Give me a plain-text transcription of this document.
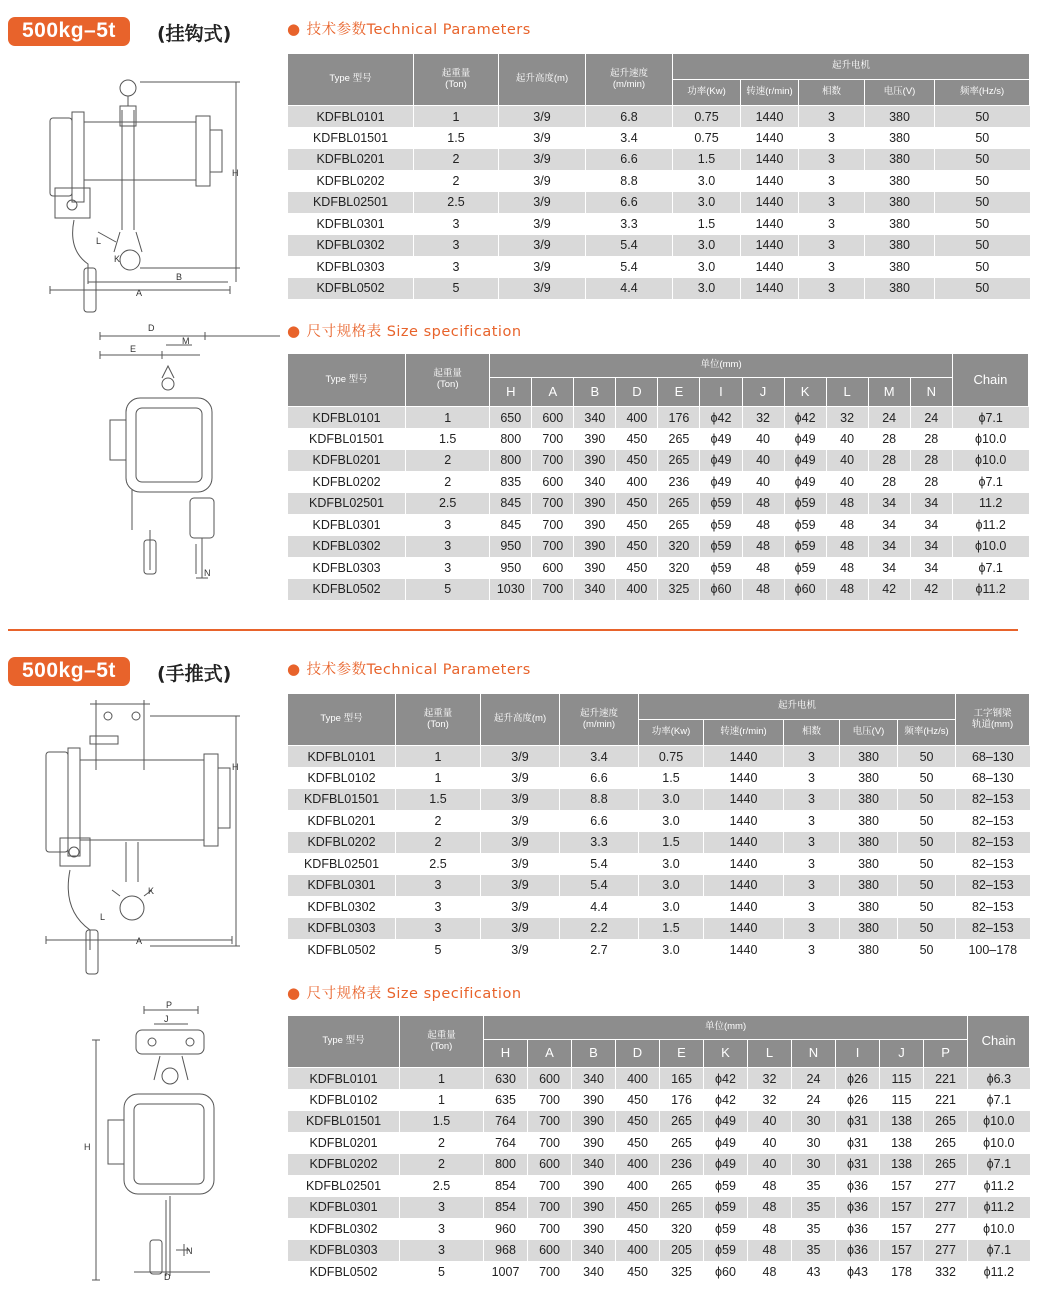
500kg–5t	(挂钩式)	● 技术参数Technical Parameters
Type 型号	起重量
(Ton)	起升高度(m)	起升速度
(m/min)	起升电机				
				功率(Kw)	转速(r/min)	相数	电压(V)	频率(Hz/s)
KDFBL0101	1	3/9	6.8	0.75	1440	3	380	50
KDFBL01501	1.5	3/9	3.4	0.75	1440	3	380	50
KDFBL0201	2	3/9	6.6	1.5	1440	3	380	50
KDFBL0202	2	3/9	8.8	3.0	1440	3	380	50
KDFBL02501	2.5	3/9	6.6	3.0	1440	3	380	50
KDFBL0301	3	3/9	3.3	1.5	1440	3	380	50
KDFBL0302	3	3/9	5.4	3.0	1440	3	380	50
KDFBL0303	3	3/9	5.4	3.0	1440	3	380	50
KDFBL0502	5	3/9	4.4	3.0	1440	3	380	50
● 尺寸规格表 Size specification
Type 型号	起重量
(Ton)	单位(mm)											Chain
		H	A	B	D	E	I	J	K	L	M	N	
KDFBL0101	1	650	600	340	400	176	ϕ42	32	ϕ42	32	24	24	ϕ7.1
KDFBL01501	1.5	800	700	390	450	265	ϕ49	40	ϕ49	40	28	28	ϕ10.0
KDFBL0201	2	800	700	390	450	265	ϕ49	40	ϕ49	40	28	28	ϕ10.0
KDFBL0202	2	835	600	340	400	236	ϕ49	40	ϕ49	40	28	28	ϕ7.1
KDFBL02501	2.5	845	700	390	450	265	ϕ59	48	ϕ59	48	34	34	11.2
KDFBL0301	3	845	700	390	450	265	ϕ59	48	ϕ59	48	34	34	ϕ11.2
KDFBL0302	3	950	700	390	450	320	ϕ59	48	ϕ59	48	34	34	ϕ10.0
KDFBL0303	3	950	600	390	450	320	ϕ59	48	ϕ59	48	34	34	ϕ7.1
KDFBL0502	5	1030	700	340	400	325	ϕ60	48	ϕ60	48	42	42	ϕ11.2
500kg–5t	(手推式)	● 技术参数Technical Parameters
Type 型号	起重量
(Ton)	起升高度(m)	起升速度
(m/min)	起升电机					工字钢梁
轨道(mm)
				功率(Kw)	转速(r/min)	相数	电压(V)	频率(Hz/s)	
KDFBL0101	1	3/9	3.4	0.75	1440	3	380	50	68–130
KDFBL0102	1	3/9	6.6	1.5	1440	3	380	50	68–130
KDFBL01501	1.5	3/9	8.8	3.0	1440	3	380	50	82–153
KDFBL0201	2	3/9	6.6	3.0	1440	3	380	50	82–153
KDFBL0202	2	3/9	3.3	1.5	1440	3	380	50	82–153
KDFBL02501	2.5	3/9	5.4	3.0	1440	3	380	50	82–153
KDFBL0301	3	3/9	5.4	3.0	1440	3	380	50	82–153
KDFBL0302	3	3/9	4.4	3.0	1440	3	380	50	82–153
KDFBL0303	3	3/9	2.2	1.5	1440	3	380	50	82–153
KDFBL0502	5	3/9	2.7	3.0	1440	3	380	50	100–178
● 尺寸规格表 Size specification
Type 型号	起重量
(Ton)	单位(mm)											Chain
		H	A	B	D	E	K	L	N	I	J	P	
KDFBL0101	1	630	600	340	400	165	ϕ42	32	24	ϕ26	115	221	ϕ6.3
KDFBL0102	1	635	700	390	450	176	ϕ42	32	24	ϕ26	115	221	ϕ7.1
KDFBL01501	1.5	764	700	390	450	265	ϕ49	40	30	ϕ31	138	265	ϕ10.0
KDFBL0201	2	764	700	390	450	265	ϕ49	40	30	ϕ31	138	265	ϕ10.0
KDFBL0202	2	800	600	340	400	236	ϕ49	40	30	ϕ31	138	265	ϕ7.1
KDFBL02501	2.5	854	700	390	400	265	ϕ59	48	35	ϕ36	157	277	ϕ11.2
KDFBL0301	3	854	700	390	450	265	ϕ59	48	35	ϕ36	157	277	ϕ11.2
KDFBL0302	3	960	700	390	450	320	ϕ59	48	35	ϕ36	157	277	ϕ10.0
KDFBL0303	3	968	600	340	400	205	ϕ59	48	35	ϕ36	157	277	ϕ7.1
KDFBL0502	5	1007	700	340	450	325	ϕ60	48	43	ϕ43	178	332	ϕ11.2
H
A
B
L
K
D
E
M
N
H
A
L
K
P
J
H
N
D
